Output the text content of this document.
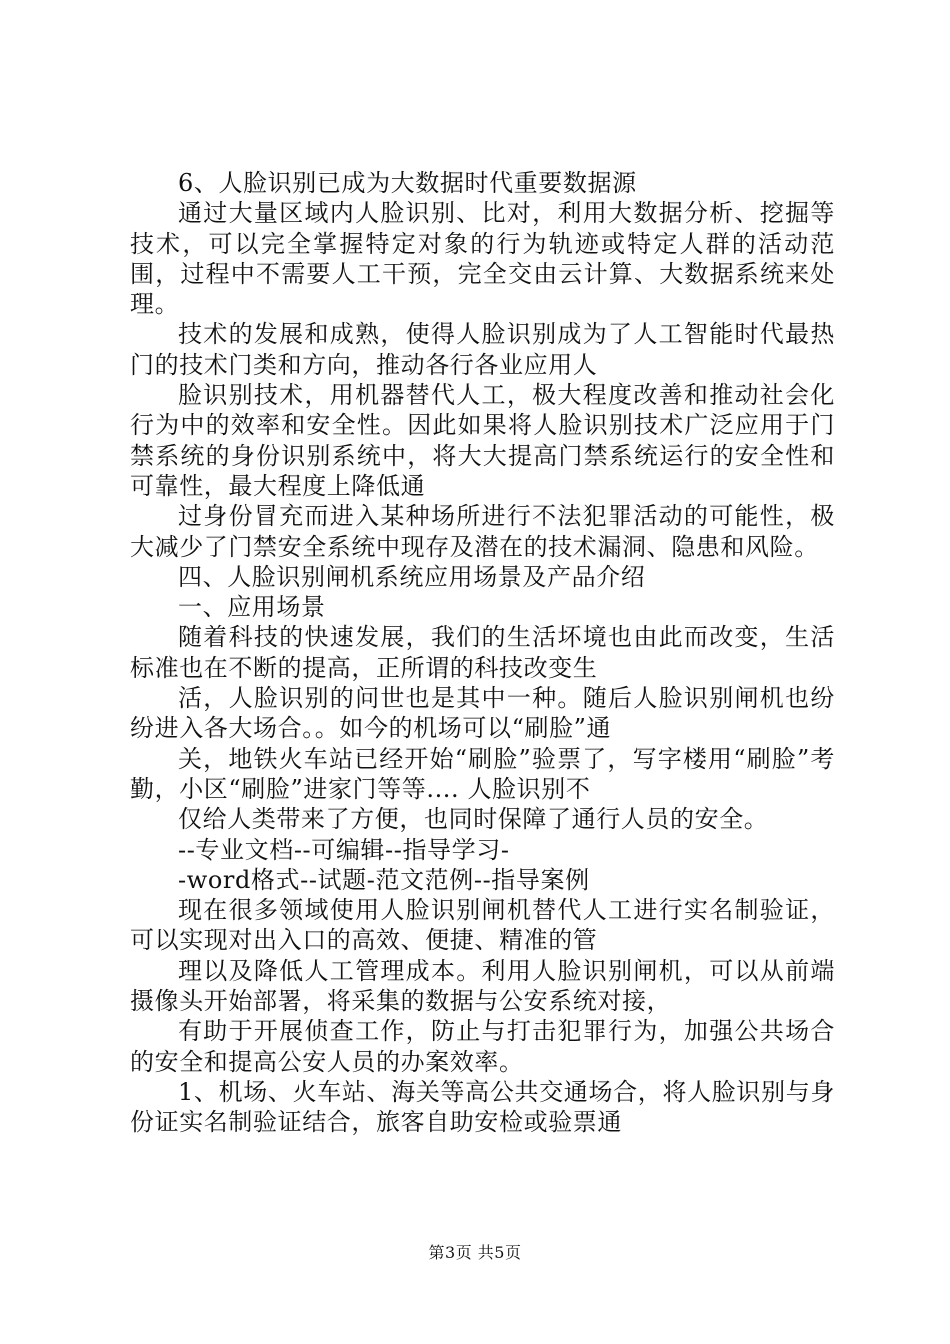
6、人脸识别已成为大数据时代重要数据源

通过大量区域内人脸识别、比对，利用大数据分析、挖掘等技术，可以完全掌握特定对象的行为轨迹或特定人群的活动范围，过程中不需要人工干预，完全交由云计算、大数据系统来处理。

技术的发展和成熟，使得人脸识别成为了人工智能时代最热门的技术门类和方向，推动各行各业应用人

脸识别技术，用机器替代人工，极大程度改善和推动社会化行为中的效率和安全性。因此如果将人脸识别技术广泛应用于门禁系统的身份识别系统中，将大大提高门禁系统运行的安全性和可靠性，最大程度上降低通

过身份冒充而进入某种场所进行不法犯罪活动的可能性，极大减少了门禁安全系统中现存及潜在的技术漏洞、隐患和风险。

四、人脸识别闸机系统应用场景及产品介绍

一、应用场景

随着科技的快速发展，我们的生活坏境也由此而改变，生活标准也在不断的提高，正所谓的科技改变生

活，人脸识别的问世也是其中一种。随后人脸识别闸机也纷纷进入各大场合。。如今的机场可以“刷脸”通

关，地铁火车站已经开始“刷脸”验票了，写字楼用“刷脸”考勤，小区“刷脸”进家门等等.... 人脸识别不

仅给人类带来了方便，也同时保障了通行人员的安全。

--专业文档--可编辑--指导学习-

-word格式--试题-范文范例--指导案例

现在很多领域使用人脸识别闸机替代人工进行实名制验证，可以实现对出入口的高效、便捷、精准的管

理以及降低人工管理成本。利用人脸识别闸机，可以从前端摄像头开始部署，将采集的数据与公安系统对接，

有助于开展侦查工作，防止与打击犯罪行为，加强公共场合的安全和提高公安人员的办案效率。

1、机场、火车站、海关等高公共交通场合，将人脸识别与身份证实名制验证结合，旅客自助安检或验票通

第3页 共5页
